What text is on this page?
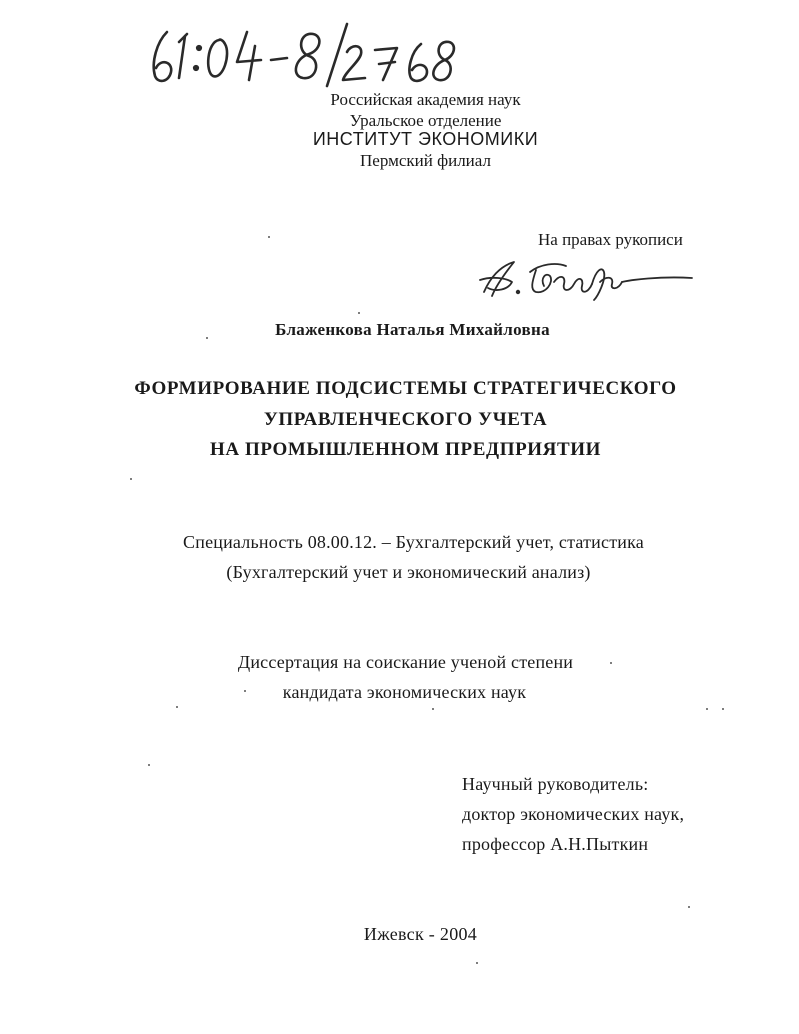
Российская академия наук
Уральское отделение
ИНСТИТУТ ЭКОНОМИКИ
Пермский филиал
На правах рукописи
Блаженкова Наталья Михайловна
ФОРМИРОВАНИЕ ПОДСИСТЕМЫ СТРАТЕГИЧЕСКОГО
УПРАВЛЕНЧЕСКОГО УЧЕТА
НА ПРОМЫШЛЕННОМ ПРЕДПРИЯТИИ
Специальность 08.00.12. – Бухгалтерский учет, статистика
(Бухгалтерский учет и экономический анализ)
Диссертация на соискание ученой степени
кандидата экономических наук
Научный руководитель:
доктор экономических наук,
профессор А.Н.Пыткин
Ижевск - 2004
